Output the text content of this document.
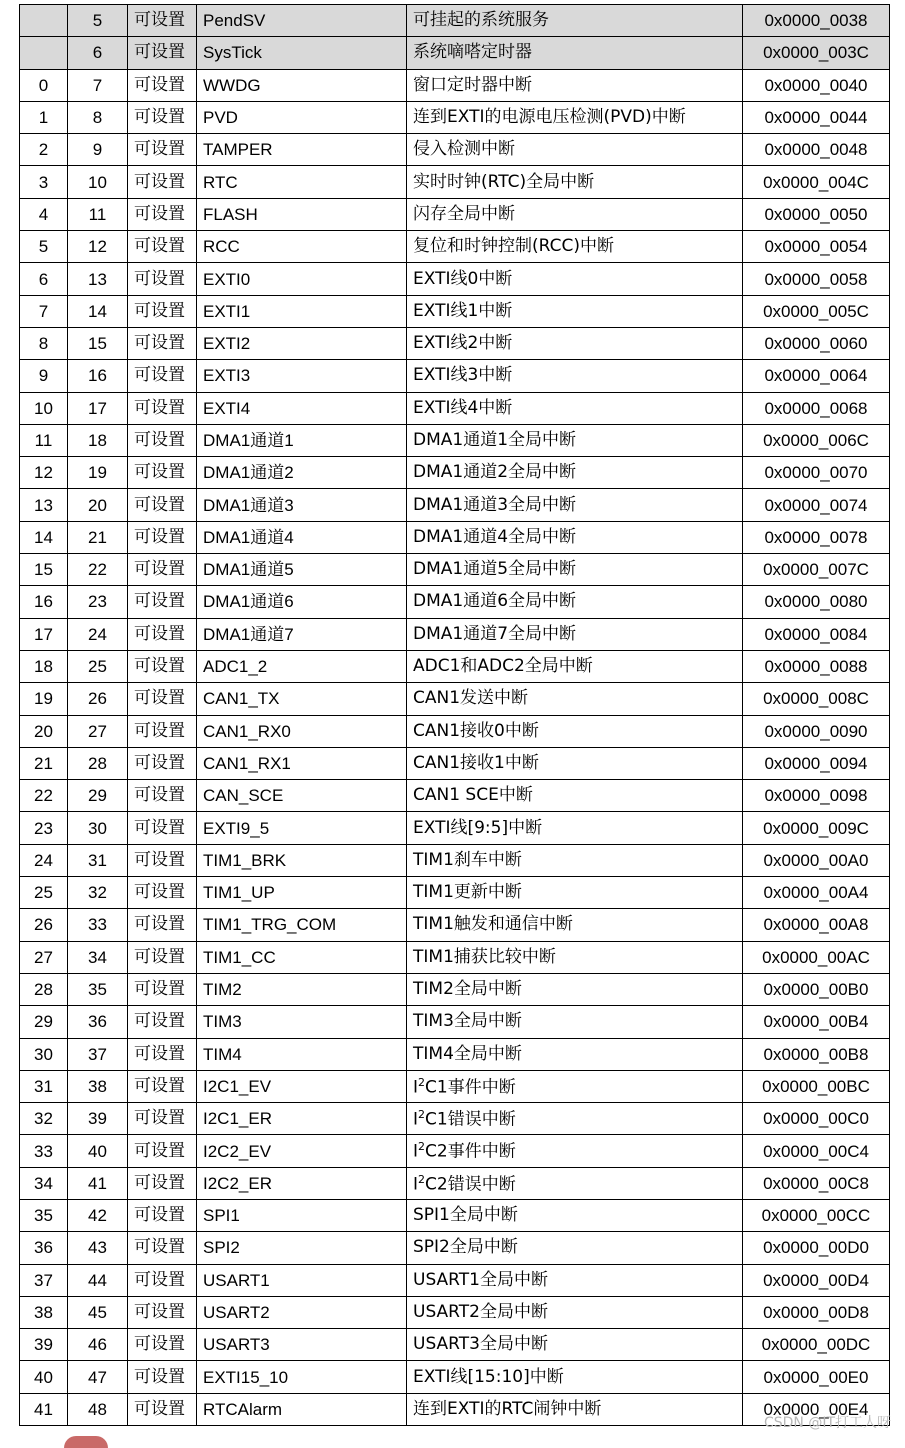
	5	可设置	PendSV	可挂起的系统服务	0x0000_0038
	6	可设置	SysTick	系统嘀嗒定时器	0x0000_003C
0	7	可设置	WWDG	窗口定时器中断	0x0000_0040
1	8	可设置	PVD	连到EXTI的电源电压检测(PVD)中断	0x0000_0044
2	9	可设置	TAMPER	侵入检测中断	0x0000_0048
3	10	可设置	RTC	实时时钟(RTC)全局中断	0x0000_004C
4	11	可设置	FLASH	闪存全局中断	0x0000_0050
5	12	可设置	RCC	复位和时钟控制(RCC)中断	0x0000_0054
6	13	可设置	EXTI0	EXTI线0中断	0x0000_0058
7	14	可设置	EXTI1	EXTI线1中断	0x0000_005C
8	15	可设置	EXTI2	EXTI线2中断	0x0000_0060
9	16	可设置	EXTI3	EXTI线3中断	0x0000_0064
10	17	可设置	EXTI4	EXTI线4中断	0x0000_0068
11	18	可设置	DMA1通道1	DMA1通道1全局中断	0x0000_006C
12	19	可设置	DMA1通道2	DMA1通道2全局中断	0x0000_0070
13	20	可设置	DMA1通道3	DMA1通道3全局中断	0x0000_0074
14	21	可设置	DMA1通道4	DMA1通道4全局中断	0x0000_0078
15	22	可设置	DMA1通道5	DMA1通道5全局中断	0x0000_007C
16	23	可设置	DMA1通道6	DMA1通道6全局中断	0x0000_0080
17	24	可设置	DMA1通道7	DMA1通道7全局中断	0x0000_0084
18	25	可设置	ADC1_2	ADC1和ADC2全局中断	0x0000_0088
19	26	可设置	CAN1_TX	CAN1发送中断	0x0000_008C
20	27	可设置	CAN1_RX0	CAN1接收0中断	0x0000_0090
21	28	可设置	CAN1_RX1	CAN1接收1中断	0x0000_0094
22	29	可设置	CAN_SCE	CAN1 SCE中断	0x0000_0098
23	30	可设置	EXTI9_5	EXTI线[9:5]中断	0x0000_009C
24	31	可设置	TIM1_BRK	TIM1刹车中断	0x0000_00A0
25	32	可设置	TIM1_UP	TIM1更新中断	0x0000_00A4
26	33	可设置	TIM1_TRG_COM	TIM1触发和通信中断	0x0000_00A8
27	34	可设置	TIM1_CC	TIM1捕获比较中断	0x0000_00AC
28	35	可设置	TIM2	TIM2全局中断	0x0000_00B0
29	36	可设置	TIM3	TIM3全局中断	0x0000_00B4
30	37	可设置	TIM4	TIM4全局中断	0x0000_00B8
31	38	可设置	I2C1_EV	$I^2C1$事件中断	0x0000_00BC
32	39	可设置	I2C1_ER	$I^2C1$错误中断	0x0000_00C0
33	40	可设置	I2C2_EV	$I^2C2$事件中断	0x0000_00C4
34	41	可设置	I2C2_ER	$I^2C2$错误中断	0x0000_00C8
35	42	可设置	SPI1	SPI1全局中断	0x0000_00CC
36	43	可设置	SPI2	SPI2全局中断	0x0000_00D0
37	44	可设置	USART1	USART1全局中断	0x0000_00D4
38	45	可设置	USART2	USART2全局中断	0x0000_00D8
39	46	可设置	USART3	USART3全局中断	0x0000_00DC
40	47	可设置	EXTI15_10	EXTI线[15:10]中断	0x0000_00E0
41	48	可设置	RTCAlarm	连到EXTI的RTC闹钟中断	0x0000_00E4
CSDN @IT打工人呀
